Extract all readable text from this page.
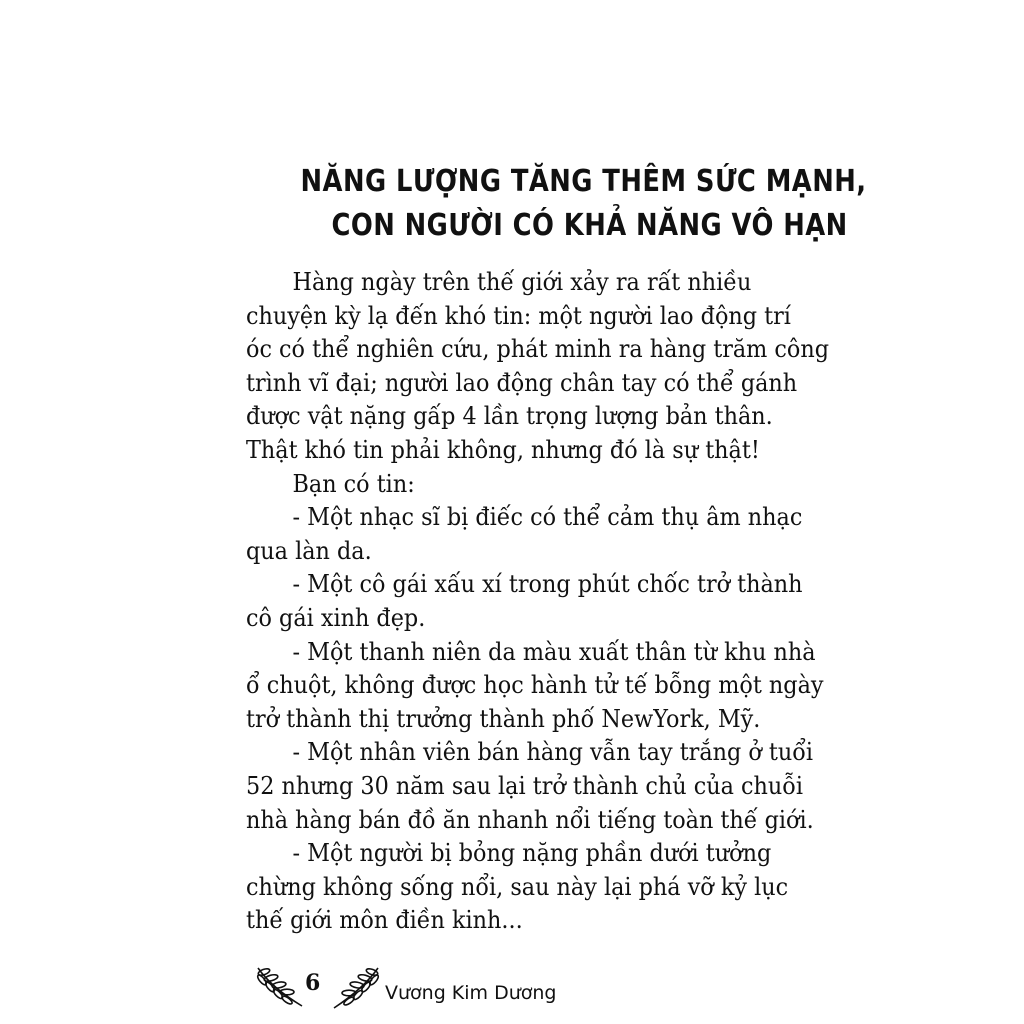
NĂNG LƯỢNG TĂNG THÊM SỨC MẠNH,
CON NGƯỜI CÓ KHẢ NĂNG VÔ HẠN
Hàng ngày trên thế giới xảy ra rất nhiều
chuyện kỳ lạ đến khó tin: một người lao động trí
óc có thể nghiên cứu, phát minh ra hàng trăm công
trình vĩ đại; người lao động chân tay có thể gánh
được vật nặng gấp 4 lần trọng lượng bản thân.
Thật khó tin phải không, nhưng đó là sự thật!
Bạn có tin:
- Một nhạc sĩ bị điếc có thể cảm thụ âm nhạc
qua làn da.
- Một cô gái xấu xí trong phút chốc trở thành
cô gái xinh đẹp.
- Một thanh niên da màu xuất thân từ khu nhà
ổ chuột, không được học hành tử tế bỗng một ngày
trở thành thị trưởng thành phố NewYork, Mỹ.
- Một nhân viên bán hàng vẫn tay trắng ở tuổi
52 nhưng 30 năm sau lại trở thành chủ của chuỗi
nhà hàng bán đồ ăn nhanh nổi tiếng toàn thế giới.
- Một người bị bỏng nặng phần dưới tưởng
chừng không sống nổi, sau này lại phá vỡ kỷ lục
thế giới môn điền kinh...
6	Vương Kim Dương
